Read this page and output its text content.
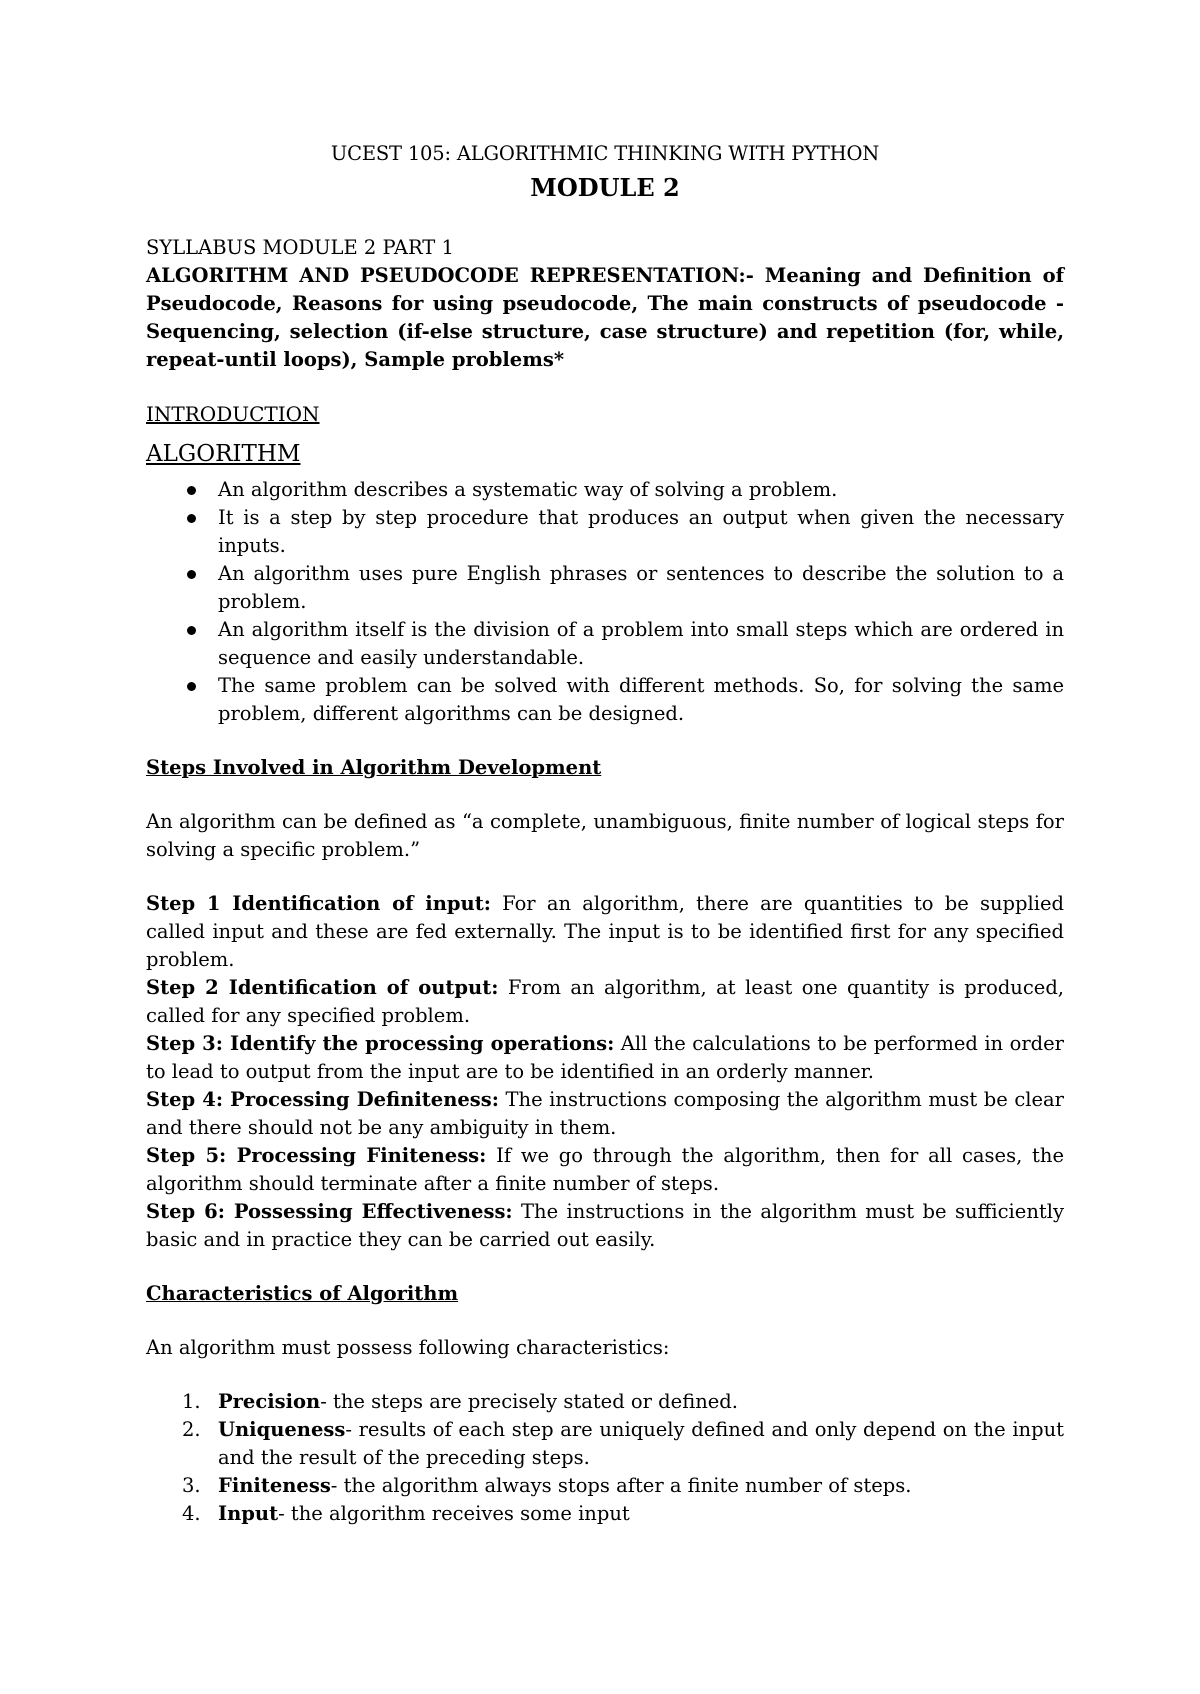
UCEST 105: ALGORITHMIC THINKING WITH PYTHON

MODULE 2

SYLLABUS MODULE 2 PART 1

ALGORITHM AND PSEUDOCODE REPRESENTATION:- Meaning and Definition of Pseudocode, Reasons for using pseudocode, The main constructs of pseudocode - Sequencing, selection (if-else structure, case structure) and repetition (for, while, repeat-until loops), Sample problems*

INTRODUCTION

ALGORITHM

An algorithm describes a systematic way of solving a problem.
It is a step by step procedure that produces an output when given the necessary inputs.
An algorithm uses pure English phrases or sentences to describe the solution to a problem.
An algorithm itself is the division of a problem into small steps which are ordered in sequence and easily understandable.
The same problem can be solved with different methods. So, for solving the same problem, different algorithms can be designed.

Steps Involved in Algorithm Development

An algorithm can be defined as “a complete, unambiguous, finite number of logical steps for solving a specific problem.”

Step 1 Identification of input: For an algorithm, there are quantities to be supplied called input and these are fed externally. The input is to be identified first for any specified problem.

Step 2 Identification of output: From an algorithm, at least one quantity is produced, called for any specified problem.

Step 3: Identify the processing operations: All the calculations to be performed in order to lead to output from the input are to be identified in an orderly manner.

Step 4: Processing Definiteness: The instructions composing the algorithm must be clear and there should not be any ambiguity in them.

Step 5: Processing Finiteness: If we go through the algorithm, then for all cases, the algorithm should terminate after a finite number of steps.

Step 6: Possessing Effectiveness: The instructions in the algorithm must be sufficiently basic and in practice they can be carried out easily.

Characteristics of Algorithm

An algorithm must possess following characteristics:

1. Precision- the steps are precisely stated or defined.
2. Uniqueness- results of each step are uniquely defined and only depend on the input and the result of the preceding steps.
3. Finiteness- the algorithm always stops after a finite number of steps.
4. Input- the algorithm receives some input
